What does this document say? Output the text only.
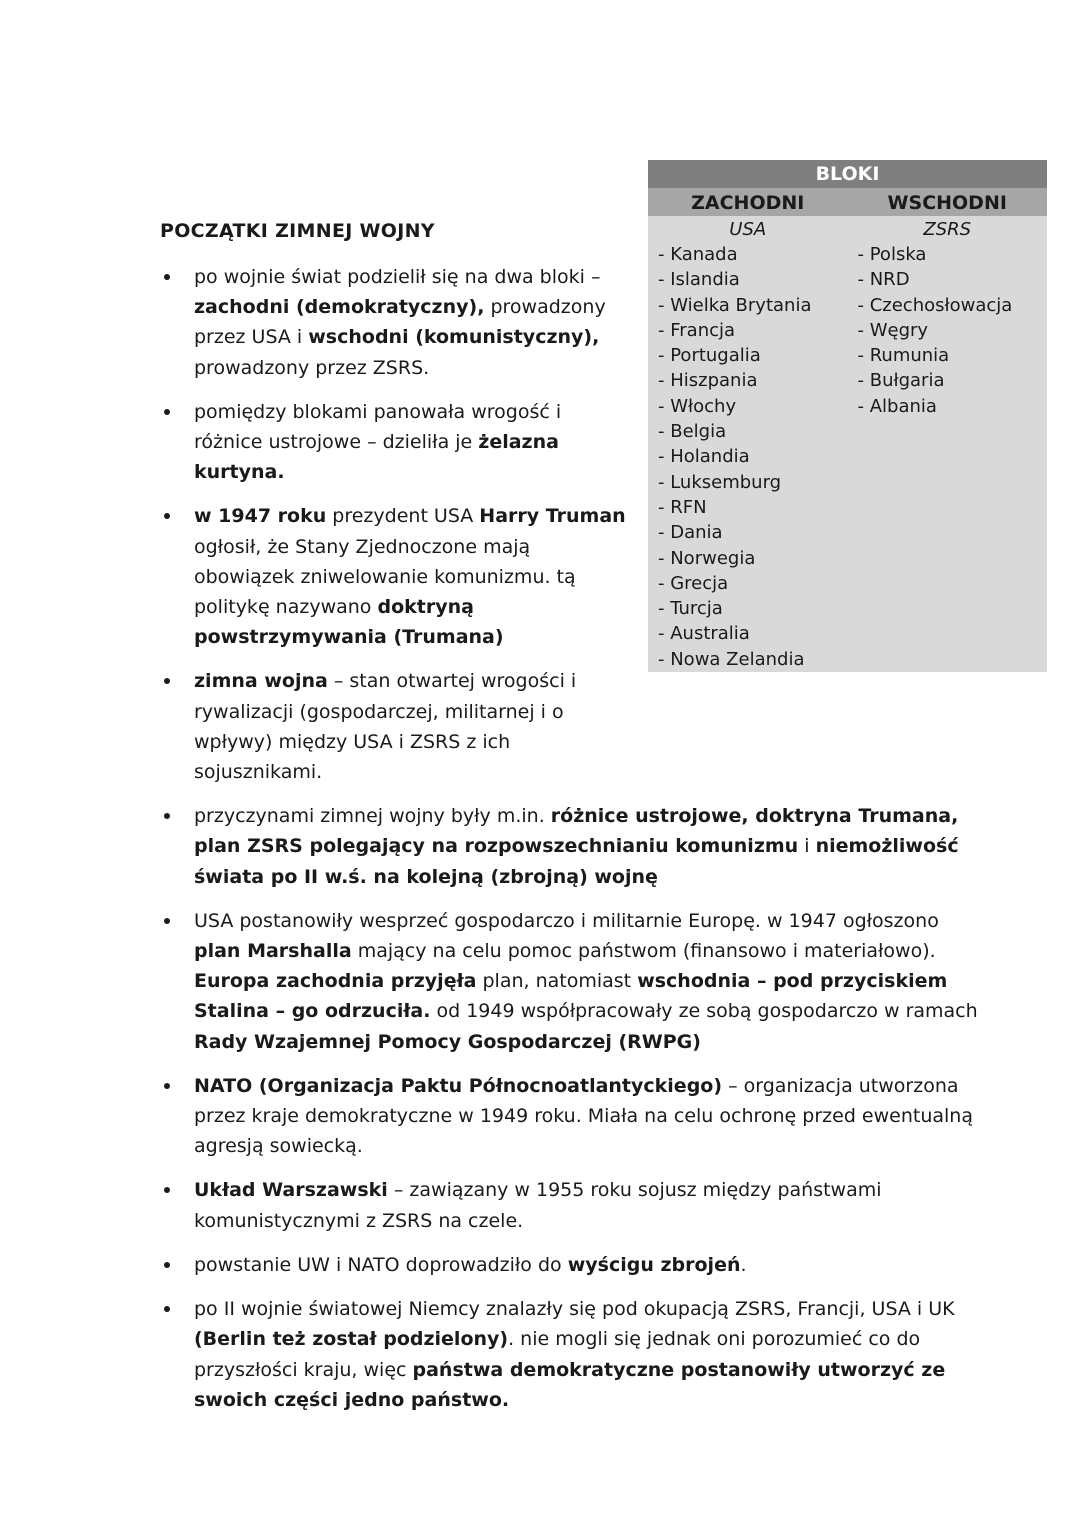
POCZĄTKI ZIMNEJ WOJNY
BLOKI
ZACHODNI	WSCHODNI
USA
- Kanada
- Islandia
- Wielka Brytania
- Francja
- Portugalia
- Hiszpania
- Włochy
- Belgia
- Holandia
- Luksemburg
- RFN
- Dania
- Norwegia
- Grecja
- Turcja
- Australia
- Nowa Zelandia
ZSRS
- Polska
- NRD
- Czechosłowacja
- Węgry
- Rumunia
- Bułgaria
- Albania
po wojnie świat podzielił się na dwa bloki – zachodni (demokratyczny), prowadzony przez USA i wschodni (komunistyczny), prowadzony przez ZSRS.
pomiędzy blokami panowała wrogość i różnice ustrojowe – dzieliła je żelazna kurtyna.
w 1947 roku prezydent USA Harry Truman ogłosił, że Stany Zjednoczone mają obowiązek zniwelowanie komunizmu. tą politykę nazywano doktryną powstrzymywania (Trumana)
zimna wojna – stan otwartej wrogości i rywalizacji (gospodarczej, militarnej i o wpływy) między USA i ZSRS z ich sojusznikami.
przyczynami zimnej wojny były m.in. różnice ustrojowe, doktryna Trumana, plan ZSRS polegający na rozpowszechnianiu komunizmu i niemożliwość świata po II w.ś. na kolejną (zbrojną) wojnę
USA postanowiły wesprzeć gospodarczo i militarnie Europę. w 1947 ogłoszono plan Marshalla mający na celu pomoc państwom (finansowo i materiałowo). Europa zachodnia przyjęła plan, natomiast wschodnia – pod przyciskiem Stalina – go odrzuciła. od 1949 współpracowały ze sobą gospodarczo w ramach Rady Wzajemnej Pomocy Gospodarczej (RWPG)
NATO (Organizacja Paktu Północnoatlantyckiego) – organizacja utworzona przez kraje demokratyczne w 1949 roku. Miała na celu ochronę przed ewentualną agresją sowiecką.
Układ Warszawski – zawiązany w 1955 roku sojusz między państwami komunistycznymi z ZSRS na czele.
powstanie UW i NATO doprowadziło do wyścigu zbrojeń.
po II wojnie światowej Niemcy znalazły się pod okupacją ZSRS, Francji, USA i UK (Berlin też został podzielony). nie mogli się jednak oni porozumieć co do przyszłości kraju, więc państwa demokratyczne postanowiły utworzyć ze swoich części jedno państwo.
